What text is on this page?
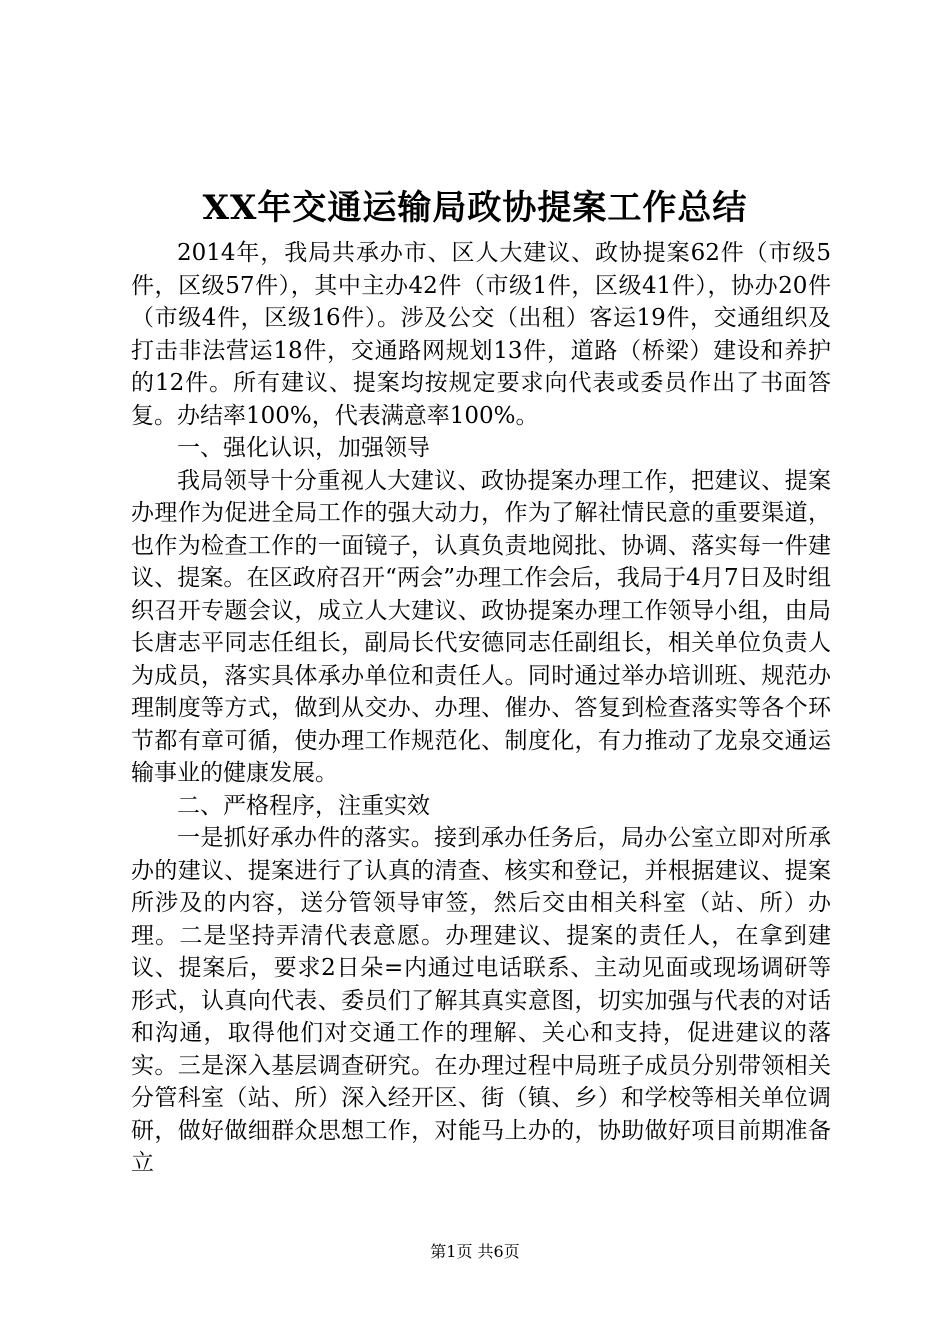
XX年交通运输局政协提案工作总结

2014年，我局共承办市、区人大建议、政协提案62件（市级5件，区级57件），其中主办42件（市级1件，区级41件），协办20件（市级4件，区级16件）。涉及公交（出租）客运19件，交通组织及打击非法营运18件，交通路网规划13件，道路（桥梁）建设和养护的12件。所有建议、提案均按规定要求向代表或委员作出了书面答复。办结率100%，代表满意率100%。

一、强化认识，加强领导

我局领导十分重视人大建议、政协提案办理工作，把建议、提案办理作为促进全局工作的强大动力，作为了解社情民意的重要渠道，也作为检查工作的一面镜子，认真负责地阅批、协调、落实每一件建议、提案。在区政府召开“两会”办理工作会后，我局于4月7日及时组织召开专题会议，成立人大建议、政协提案办理工作领导小组，由局长唐志平同志任组长，副局长代安德同志任副组长，相关单位负责人为成员，落实具体承办单位和责任人。同时通过举办培训班、规范办理制度等方式，做到从交办、办理、催办、答复到检查落实等各个环节都有章可循，使办理工作规范化、制度化，有力推动了龙泉交通运输事业的健康发展。

二、严格程序，注重实效

一是抓好承办件的落实。接到承办任务后，局办公室立即对所承办的建议、提案进行了认真的清查、核实和登记，并根据建议、提案所涉及的内容，送分管领导审签，然后交由相关科室（站、所）办理。二是坚持弄清代表意愿。办理建议、提案的责任人，在拿到建议、提案后，要求2日朵=内通过电话联系、主动见面或现场调研等形式，认真向代表、委员们了解其真实意图，切实加强与代表的对话和沟通，取得他们对交通工作的理解、关心和支持，促进建议的落实。三是深入基层调查研究。在办理过程中局班子成员分别带领相关分管科室（站、所）深入经开区、街（镇、乡）和学校等相关单位调研，做好做细群众思想工作，对能马上办的，协助做好项目前期准备立

第1页 共6页
